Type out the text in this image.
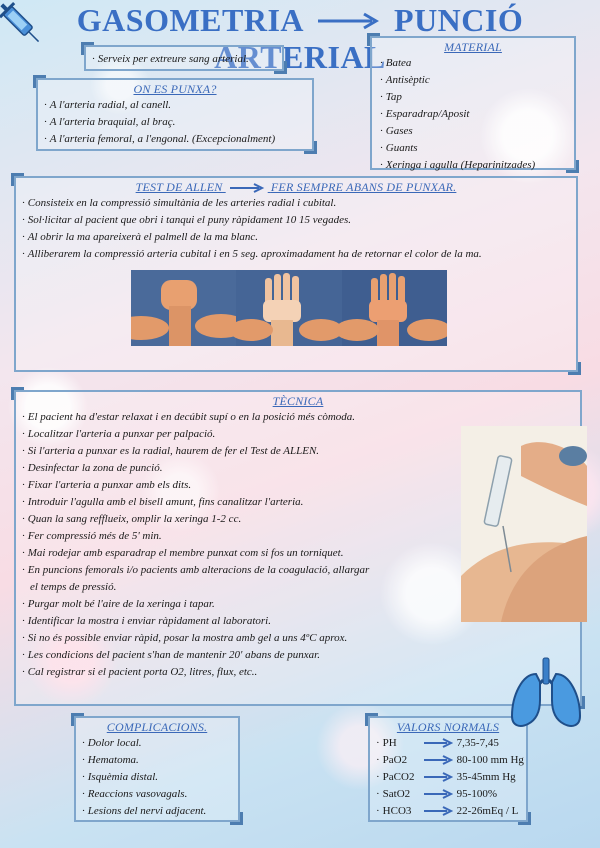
GASOMETRIA	PUNCIÓ ARTERIAL
· Serveix per extreure sang arterial.
MATERIAL
· Batea
· Antisèptic
· Tap
· Esparadrap/Aposit
· Gases
· Guants
· Xeringa i agulla (Heparinitzades)
ON ES PUNXA?
· A l'arteria radial, al canell.
· A l'arteria braquial, al braç.
· A l'arteria femoral, a l'engonal. (Excepcionalment)
TEST DE ALLEN	FER SEMPRE ABANS DE PUNXAR.
· Consisteix en la compressió simultània de les arteries radial i cubital.
· Sol·licitar al pacient que obri i tanqui el puny ràpidament 10 15 vegades.
· Al obrir la ma apareixerà el palmell de la ma blanc.
· Alliberarem la compressió arteria cubital i en 5 seg. aproximadament ha de retornar el color de la ma.
TÈCNICA
· El pacient ha d'estar relaxat i en decúbit supí o en la posició més còmoda.
· Localitzar l'arteria a punxar per palpació.
· Si l'arteria a punxar es la radial, haurem de fer el Test de ALLEN.
· Desinfectar la zona de punció.
· Fixar l'arteria a punxar amb els dits.
· Introduir l'agulla amb el bisell amunt, fins canalitzar l'arteria.
· Quan la sang refflueix, omplir la xeringa 1-2 cc.
· Fer compressió més de 5' min.
· Mai rodejar amb esparadrap el membre punxat com si fos un torniquet.
· En puncions femorals i/o pacients amb alteracions de la coagulació, allargar
el temps de pressió.
· Purgar molt bé l'aire de la xeringa i tapar.
· Identificar la mostra i enviar ràpidament al laboratori.
· Si no és possible enviar ràpid, posar la mostra amb gel a uns 4ºC aprox.
· Les condicions del pacient s'han de mantenir 20' abans de punxar.
· Cal registrar si el pacient porta O2, litres, flux, etc..
COMPLICACIONS.
· Dolor local.
· Hematoma.
· Isquèmia distal.
· Reaccions vasovagals.
· Lesions del nervi adjacent.
VALORS NORMALS
· PH	7,35-7,45
· PaO2	80-100 mm Hg
· PaCO2	35-45mm Hg
· SatO2	95-100%
· HCO3	22-26mEq / L
